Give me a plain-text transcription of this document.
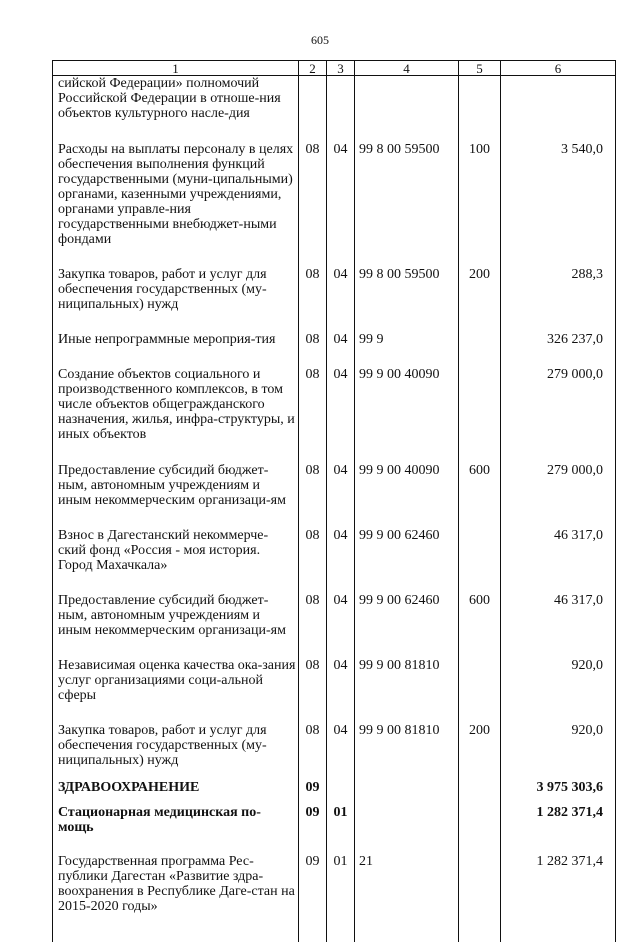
605
1	2	3	4	5	6
сийской Федерации» полномочий Российской Федерации в отноше-ния объектов культурного насле-дия					
Расходы на выплаты персоналу в целях обеспечения выполнения функций государственными (муни-ципальными) органами, казенными учреждениями, органами управле-ния государственными внебюджет-ными фондами	08	04	99 8 00 59500	100	3 540,0
Закупка товаров, работ и услуг для обеспечения государственных (му-ниципальных) нужд	08	04	99 8 00 59500	200	288,3
Иные непрограммные мероприя-тия	08	04	99 9		326 237,0
Создание объектов социального и производственного комплексов, в том числе объектов общегражданского назначения, жилья, инфра-структуры, и иных объектов	08	04	99 9 00 40090		279 000,0
Предоставление субсидий бюджет-ным, автономным учреждениям и иным некоммерческим организаци-ям	08	04	99 9 00 40090	600	279 000,0
Взнос в Дагестанский некоммерче-ский фонд «Россия - моя история. Город Махачкала»	08	04	99 9 00 62460		46 317,0
Предоставление субсидий бюджет-ным, автономным учреждениям и иным некоммерческим организаци-ям	08	04	99 9 00 62460	600	46 317,0
Независимая оценка качества ока-зания услуг организациями соци-альной сферы	08	04	99 9 00 81810		920,0
Закупка товаров, работ и услуг для обеспечения государственных (му-ниципальных) нужд	08	04	99 9 00 81810	200	920,0
ЗДРАВООХРАНЕНИЕ	09				3 975 303,6
Стационарная медицинская по-мощь	09	01			1 282 371,4
Государственная программа Рес-публики Дагестан «Развитие здра-воохранения в Республике Даге-стан на 2015-2020 годы»	09	01	21		1 282 371,4
